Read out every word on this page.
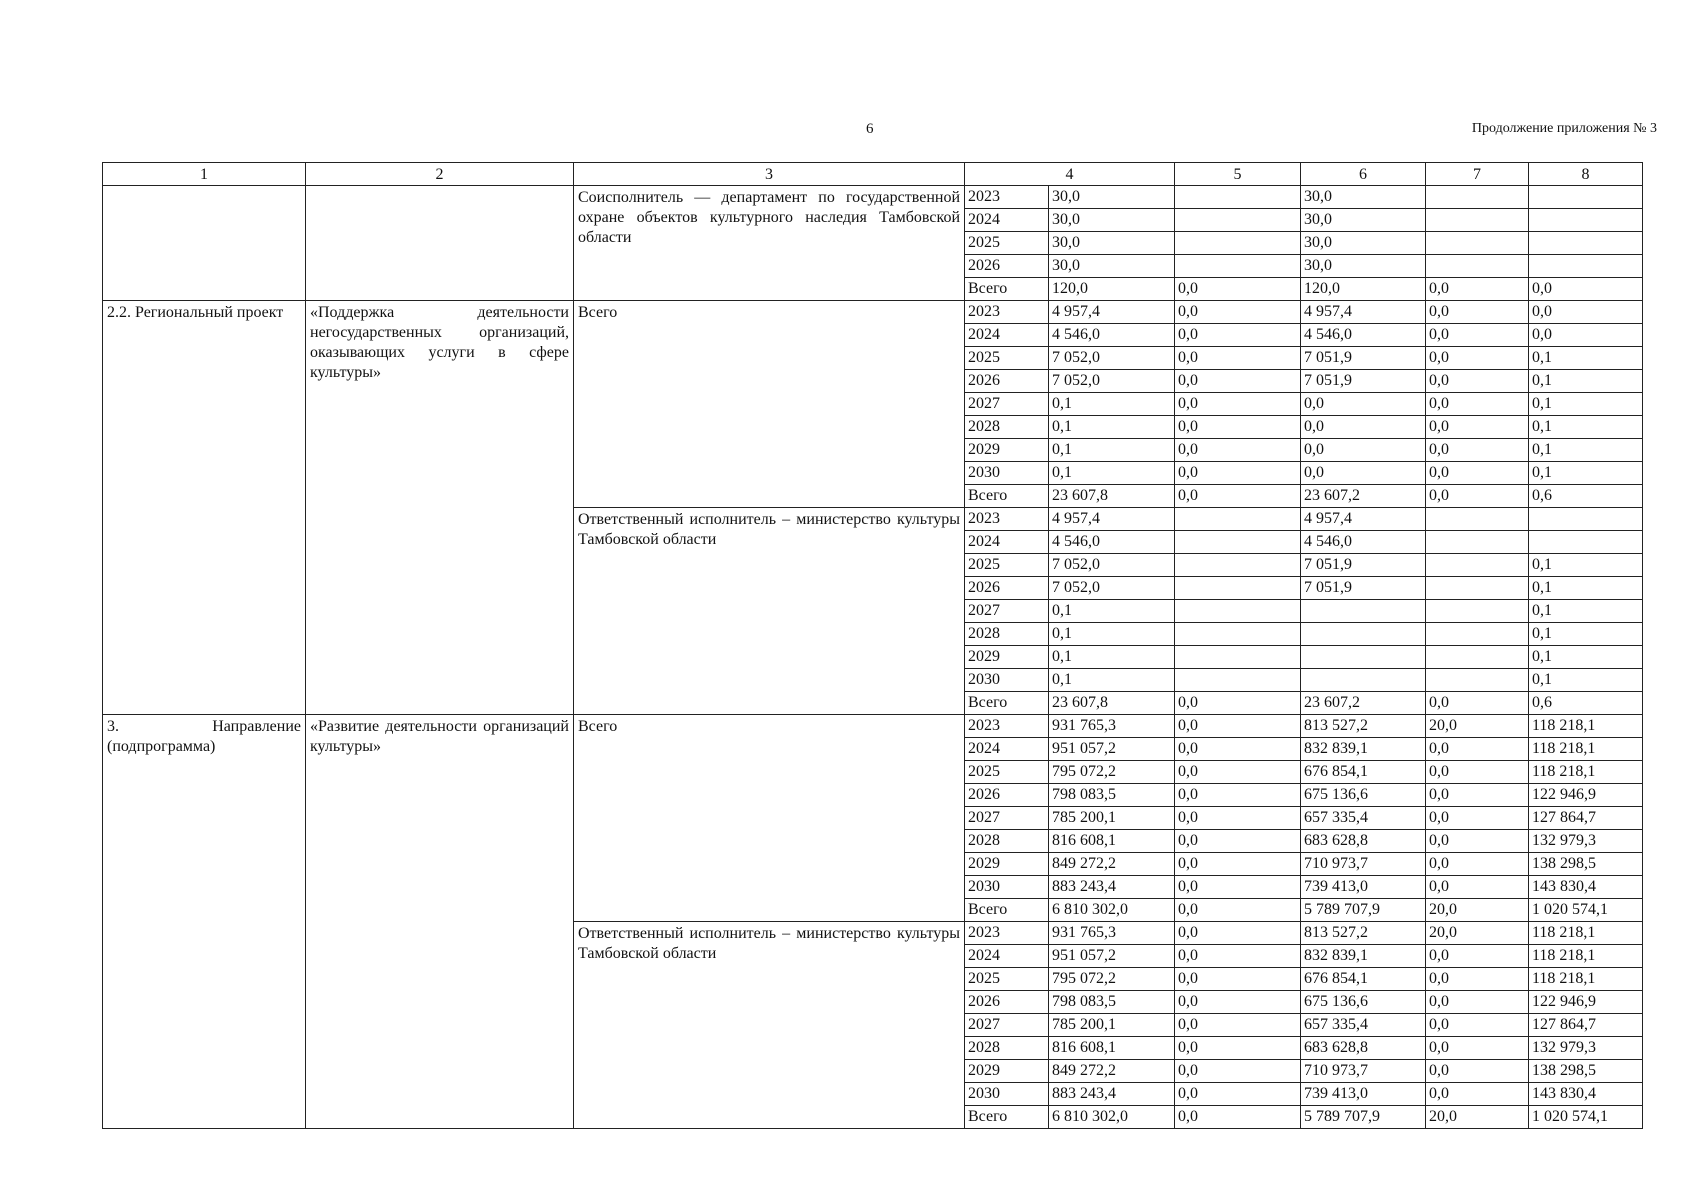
6	Продолжение приложения № 3
1	2	3	4		5	6	7	8
		Соисполнитель — департамент по государственной охране объектов культурного наследия Тамбовской области	2023	30,0		30,0		
			2024	30,0		30,0		
			2025	30,0		30,0		
			2026	30,0		30,0		
			Всего	120,0	0,0	120,0	0,0	0,0
2.2. Региональный проект	«Поддержка деятельности негосударственных организаций, оказывающих услуги в сфере культуры»	Всего	2023	4 957,4	0,0	4 957,4	0,0	0,0
			2024	4 546,0	0,0	4 546,0	0,0	0,0
			2025	7 052,0	0,0	7 051,9	0,0	0,1
			2026	7 052,0	0,0	7 051,9	0,0	0,1
			2027	0,1	0,0	0,0	0,0	0,1
			2028	0,1	0,0	0,0	0,0	0,1
			2029	0,1	0,0	0,0	0,0	0,1
			2030	0,1	0,0	0,0	0,0	0,1
			Всего	23 607,8	0,0	23 607,2	0,0	0,6
		Ответственный исполнитель – министерство культуры Тамбовской области	2023	4 957,4		4 957,4		
			2024	4 546,0		4 546,0		
			2025	7 052,0		7 051,9		0,1
			2026	7 052,0		7 051,9		0,1
			2027	0,1				0,1
			2028	0,1				0,1
			2029	0,1				0,1
			2030	0,1				0,1
			Всего	23 607,8	0,0	23 607,2	0,0	0,6
3. Направление (подпрограмма)	«Развитие деятельности организаций культуры»	Всего	2023	931 765,3	0,0	813 527,2	20,0	118 218,1
			2024	951 057,2	0,0	832 839,1	0,0	118 218,1
			2025	795 072,2	0,0	676 854,1	0,0	118 218,1
			2026	798 083,5	0,0	675 136,6	0,0	122 946,9
			2027	785 200,1	0,0	657 335,4	0,0	127 864,7
			2028	816 608,1	0,0	683 628,8	0,0	132 979,3
			2029	849 272,2	0,0	710 973,7	0,0	138 298,5
			2030	883 243,4	0,0	739 413,0	0,0	143 830,4
			Всего	6 810 302,0	0,0	5 789 707,9	20,0	1 020 574,1
		Ответственный исполнитель – министерство культуры Тамбовской области	2023	931 765,3	0,0	813 527,2	20,0	118 218,1
			2024	951 057,2	0,0	832 839,1	0,0	118 218,1
			2025	795 072,2	0,0	676 854,1	0,0	118 218,1
			2026	798 083,5	0,0	675 136,6	0,0	122 946,9
			2027	785 200,1	0,0	657 335,4	0,0	127 864,7
			2028	816 608,1	0,0	683 628,8	0,0	132 979,3
			2029	849 272,2	0,0	710 973,7	0,0	138 298,5
			2030	883 243,4	0,0	739 413,0	0,0	143 830,4
			Всего	6 810 302,0	0,0	5 789 707,9	20,0	1 020 574,1
